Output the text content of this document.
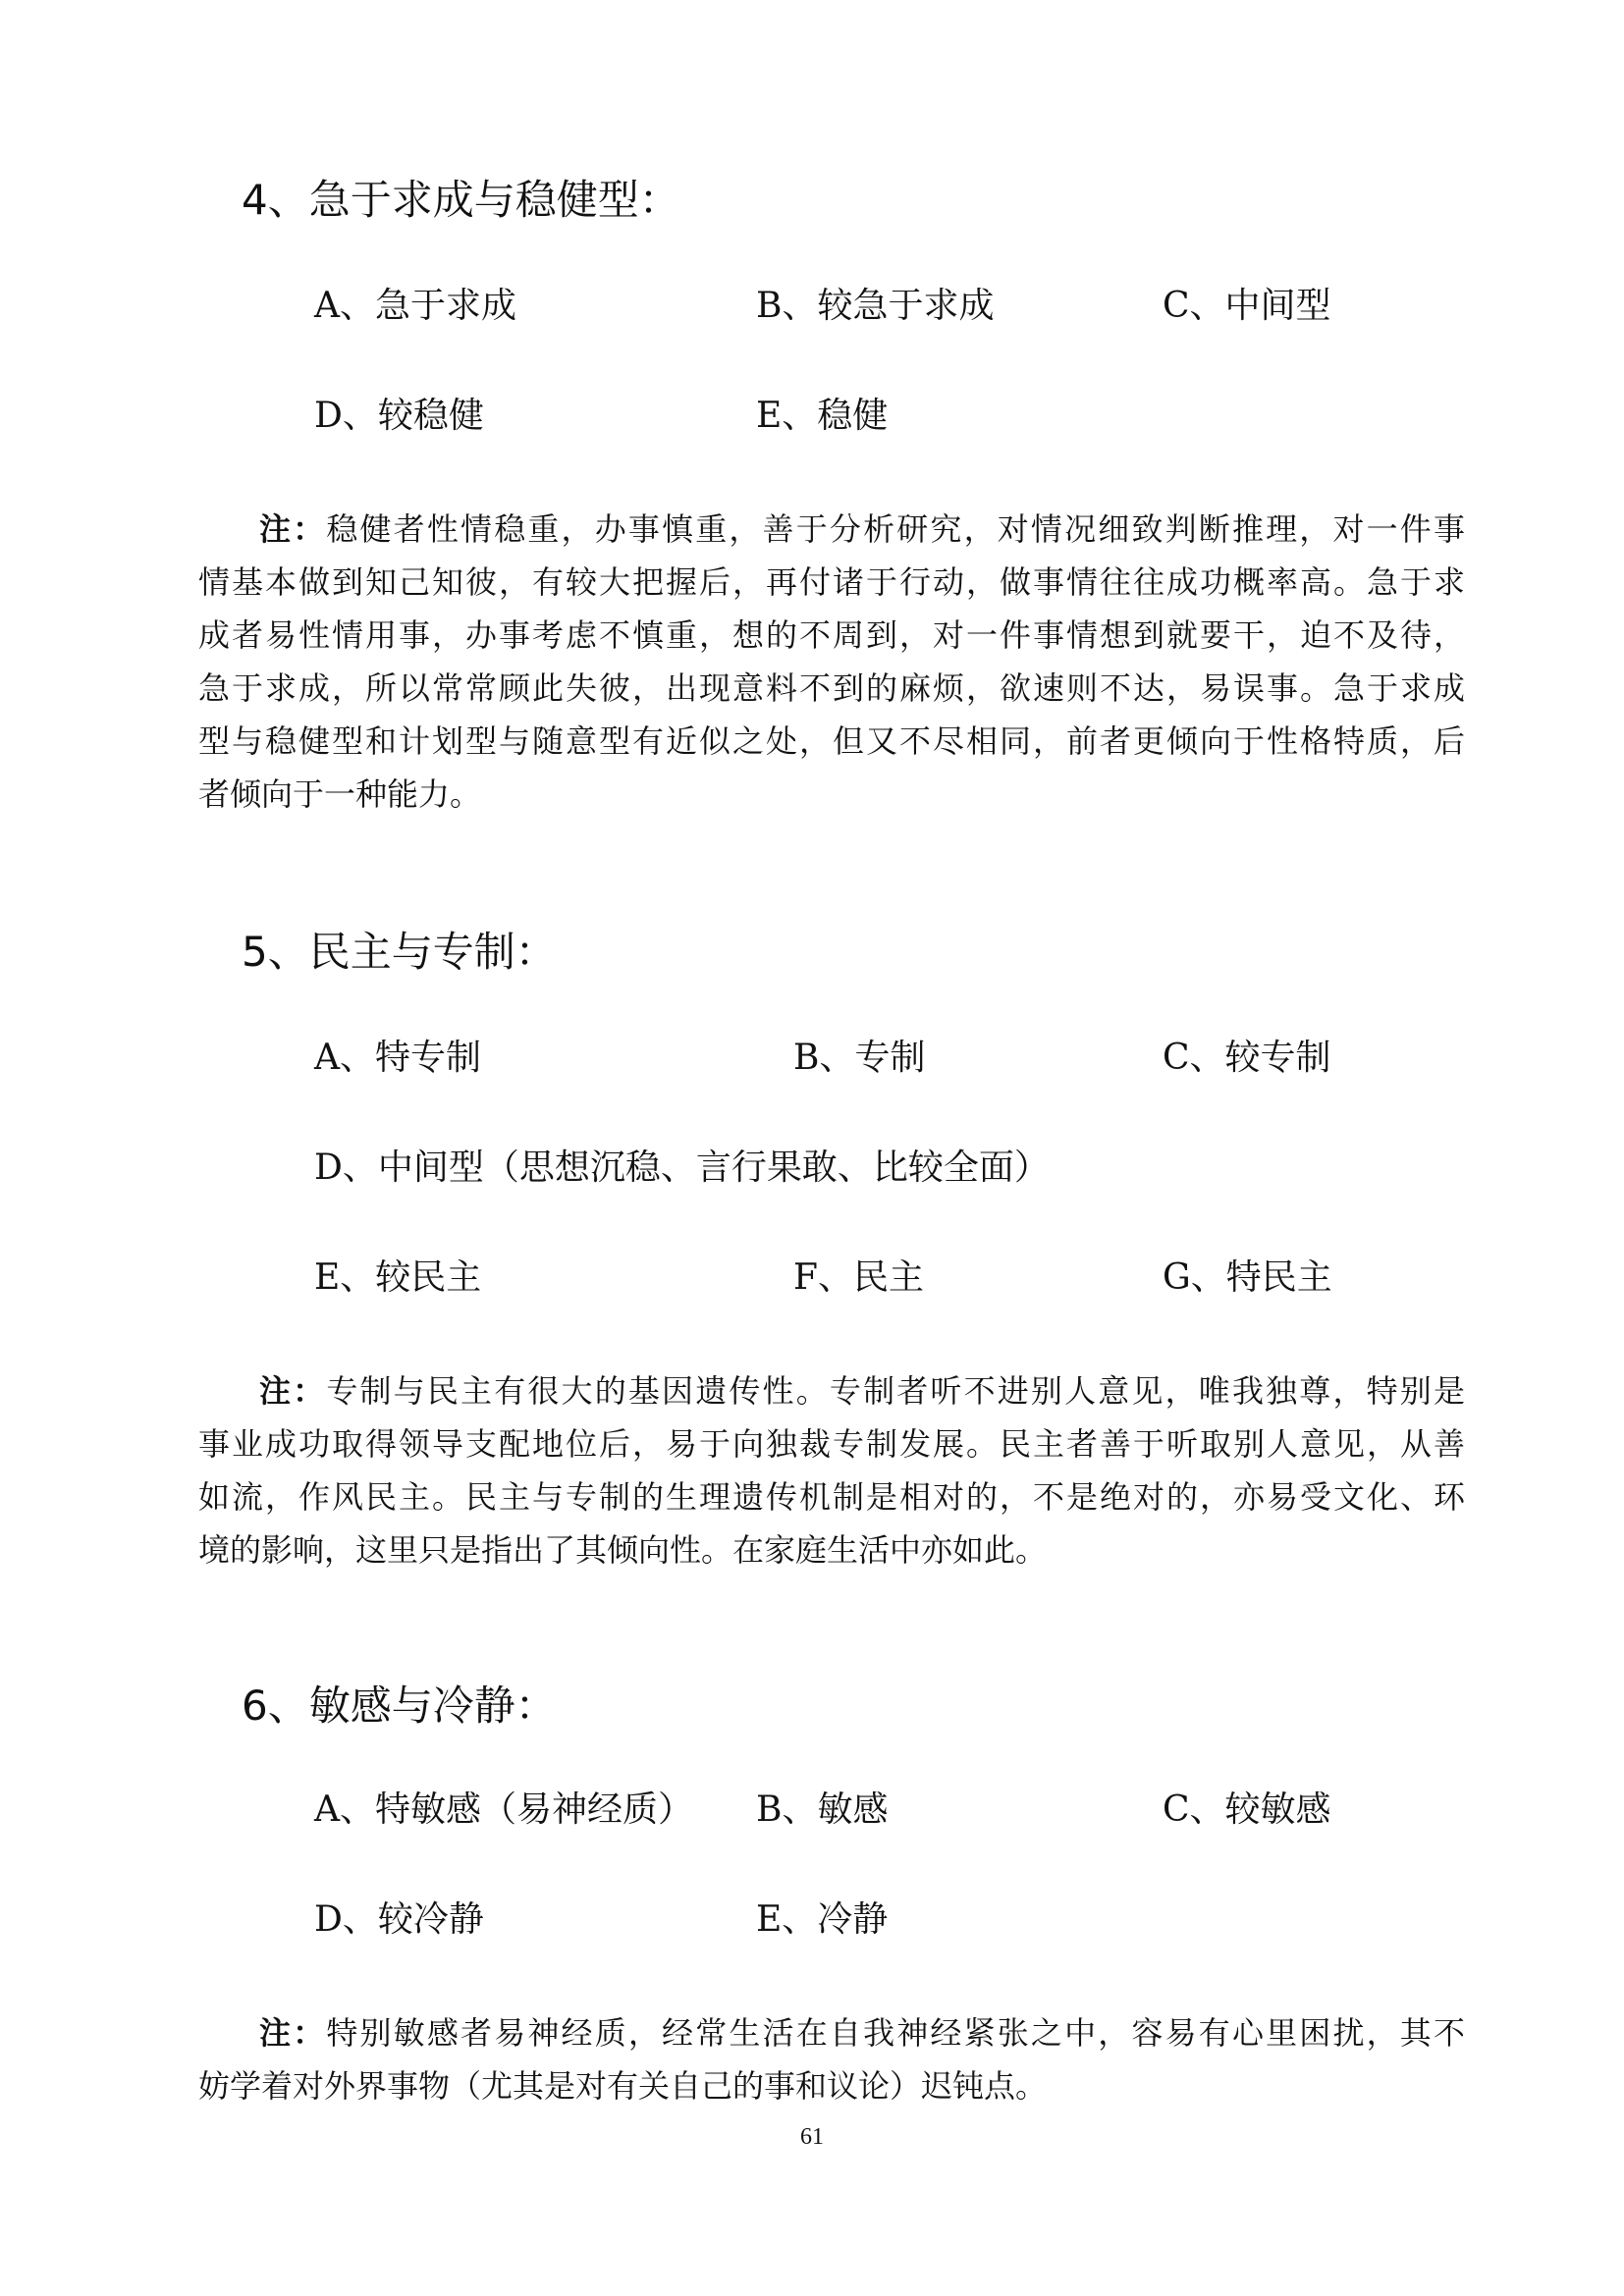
4、急于求成与稳健型：
A、急于求成	B、较急于求成	C、中间型
D、较稳健	E、稳健
注：稳健者性情稳重，办事慎重，善于分析研究，对情况细致判断推理，对一件事
情基本做到知己知彼，有较大把握后，再付诸于行动，做事情往往成功概率高。急于求
成者易性情用事，办事考虑不慎重，想的不周到，对一件事情想到就要干，迫不及待，
急于求成，所以常常顾此失彼，出现意料不到的麻烦，欲速则不达，易误事。急于求成
型与稳健型和计划型与随意型有近似之处，但又不尽相同，前者更倾向于性格特质，后
者倾向于一种能力。
5、民主与专制：
A、特专制	B、专制	C、较专制
D、中间型（思想沉稳、言行果敢、比较全面）
E、较民主	F、民主	G、特民主
注：专制与民主有很大的基因遗传性。专制者听不进别人意见，唯我独尊，特别是
事业成功取得领导支配地位后，易于向独裁专制发展。民主者善于听取别人意见，从善
如流，作风民主。民主与专制的生理遗传机制是相对的，不是绝对的，亦易受文化、环
境的影响，这里只是指出了其倾向性。在家庭生活中亦如此。
6、敏感与冷静：
A、特敏感（易神经质） B、敏感	C、较敏感
D、较冷静	E、冷静
注：特别敏感者易神经质，经常生活在自我神经紧张之中，容易有心里困扰，其不
妨学着对外界事物（尤其是对有关自己的事和议论）迟钝点。
61
